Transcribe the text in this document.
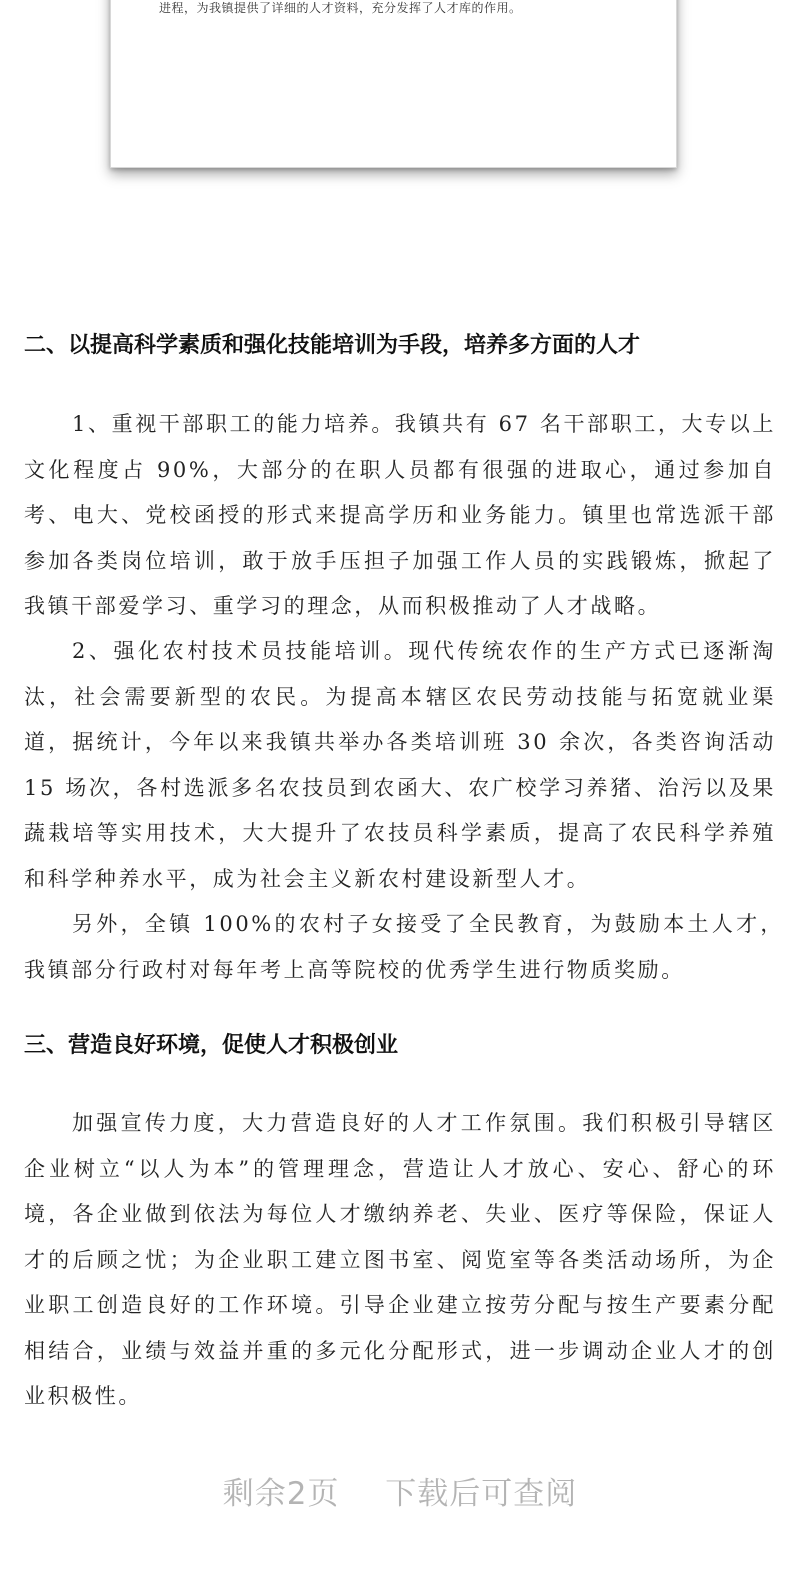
进程，为我镇提供了详细的人才资料，充分发挥了人才库的作用。
二、以提高科学素质和强化技能培训为手段，培养多方面的人才
1、重视干部职工的能力培养。我镇共有 67 名干部职工，大专以上文化程度占 90%，大部分的在职人员都有很强的进取心，通过参加自考、电大、党校函授的形式来提高学历和业务能力。镇里也常选派干部参加各类岗位培训，敢于放手压担子加强工作人员的实践锻炼，掀起了我镇干部爱学习、重学习的理念，从而积极推动了人才战略。
2、强化农村技术员技能培训。现代传统农作的生产方式已逐渐淘汰，社会需要新型的农民。为提高本辖区农民劳动技能与拓宽就业渠道，据统计，今年以来我镇共举办各类培训班 30 余次，各类咨询活动 15 场次，各村选派多名农技员到农函大、农广校学习养猪、治污以及果蔬栽培等实用技术，大大提升了农技员科学素质，提高了农民科学养殖和科学种养水平，成为社会主义新农村建设新型人才。
另外，全镇 100%的农村子女接受了全民教育，为鼓励本土人才，我镇部分行政村对每年考上高等院校的优秀学生进行物质奖励。
三、营造良好环境，促使人才积极创业
加强宣传力度，大力营造良好的人才工作氛围。我们积极引导辖区企业树立“以人为本”的管理理念，营造让人才放心、安心、舒心的环境，各企业做到依法为每位人才缴纳养老、失业、医疗等保险，保证人才的后顾之忧；为企业职工建立图书室、阅览室等各类活动场所，为企业职工创造良好的工作环境。引导企业建立按劳分配与按生产要素分配相结合，业绩与效益并重的多元化分配形式，进一步调动企业人才的创业积极性。
剩余2页  下载后可查阅
